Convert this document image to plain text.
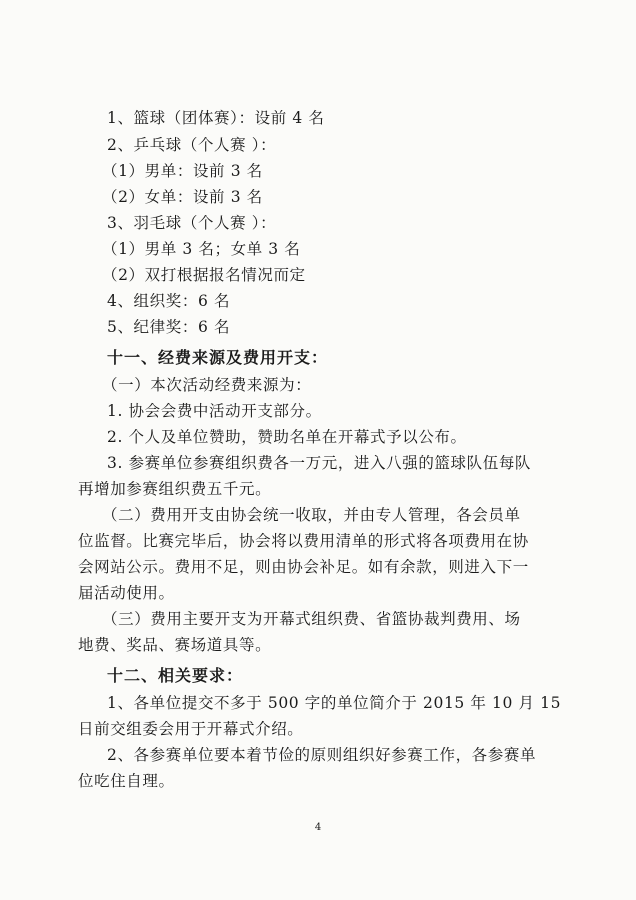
1、篮球（团体赛）：设前 4 名
2、乒乓球（个人赛 ）：
（1）男单：设前 3 名
（2）女单：设前 3 名
3、羽毛球（个人赛 ）：
（1）男单 3 名；女单 3 名
（2）双打根据报名情况而定
4、组织奖：6 名
5、纪律奖：6 名
十一、经费来源及费用开支：
（一）本次活动经费来源为：
1. 协会会费中活动开支部分。
2. 个人及单位赞助，赞助名单在开幕式予以公布。
3. 参赛单位参赛组织费各一万元，进入八强的篮球队伍每队
再增加参赛组织费五千元。
（二）费用开支由协会统一收取，并由专人管理，各会员单
位监督。比赛完毕后，协会将以费用清单的形式将各项费用在协
会网站公示。费用不足，则由协会补足。如有余款，则进入下一
届活动使用。
（三）费用主要开支为开幕式组织费、省篮协裁判费用、场
地费、奖品、赛场道具等。
十二、相关要求：
1、各单位提交不多于 500 字的单位简介于 2015 年 10 月 15
日前交组委会用于开幕式介绍。
2、各参赛单位要本着节俭的原则组织好参赛工作，各参赛单
位吃住自理。
4
